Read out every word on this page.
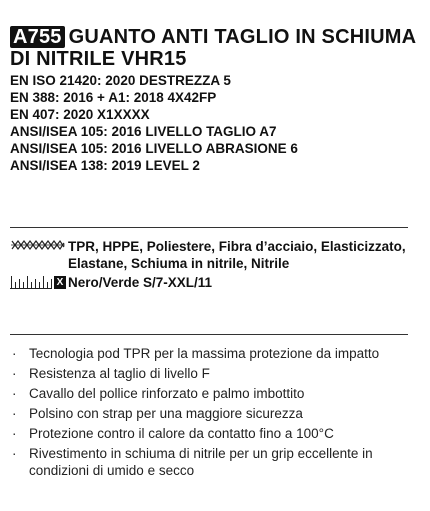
A755 GUANTO ANTI TAGLIO IN SCHIUMA DI NITRILE VHR15
EN ISO 21420: 2020 DESTREZZA 5
EN 388: 2016 + A1: 2018 4X42FP
EN 407: 2020 X1XXXX
ANSI/ISEA 105: 2016 LIVELLO TAGLIO A7
ANSI/ISEA 105: 2016 LIVELLO ABRASIONE 6
ANSI/ISEA 138: 2019 LEVEL 2
TPR, HPPE, Poliestere, Fibra d’acciaio, Elasticizzato, Elastane, Schiuma in nitrile, Nitrile
X Nero/Verde S/7-XXL/11
· Tecnologia pod TPR per la massima protezione da impatto
· Resistenza al taglio di livello F
· Cavallo del pollice rinforzato e palmo imbottito
· Polsino con strap per una maggiore sicurezza
· Protezione contro il calore da contatto fino a 100°C
· Rivestimento in schiuma di nitrile per un grip eccellente in condizioni di umido e secco
